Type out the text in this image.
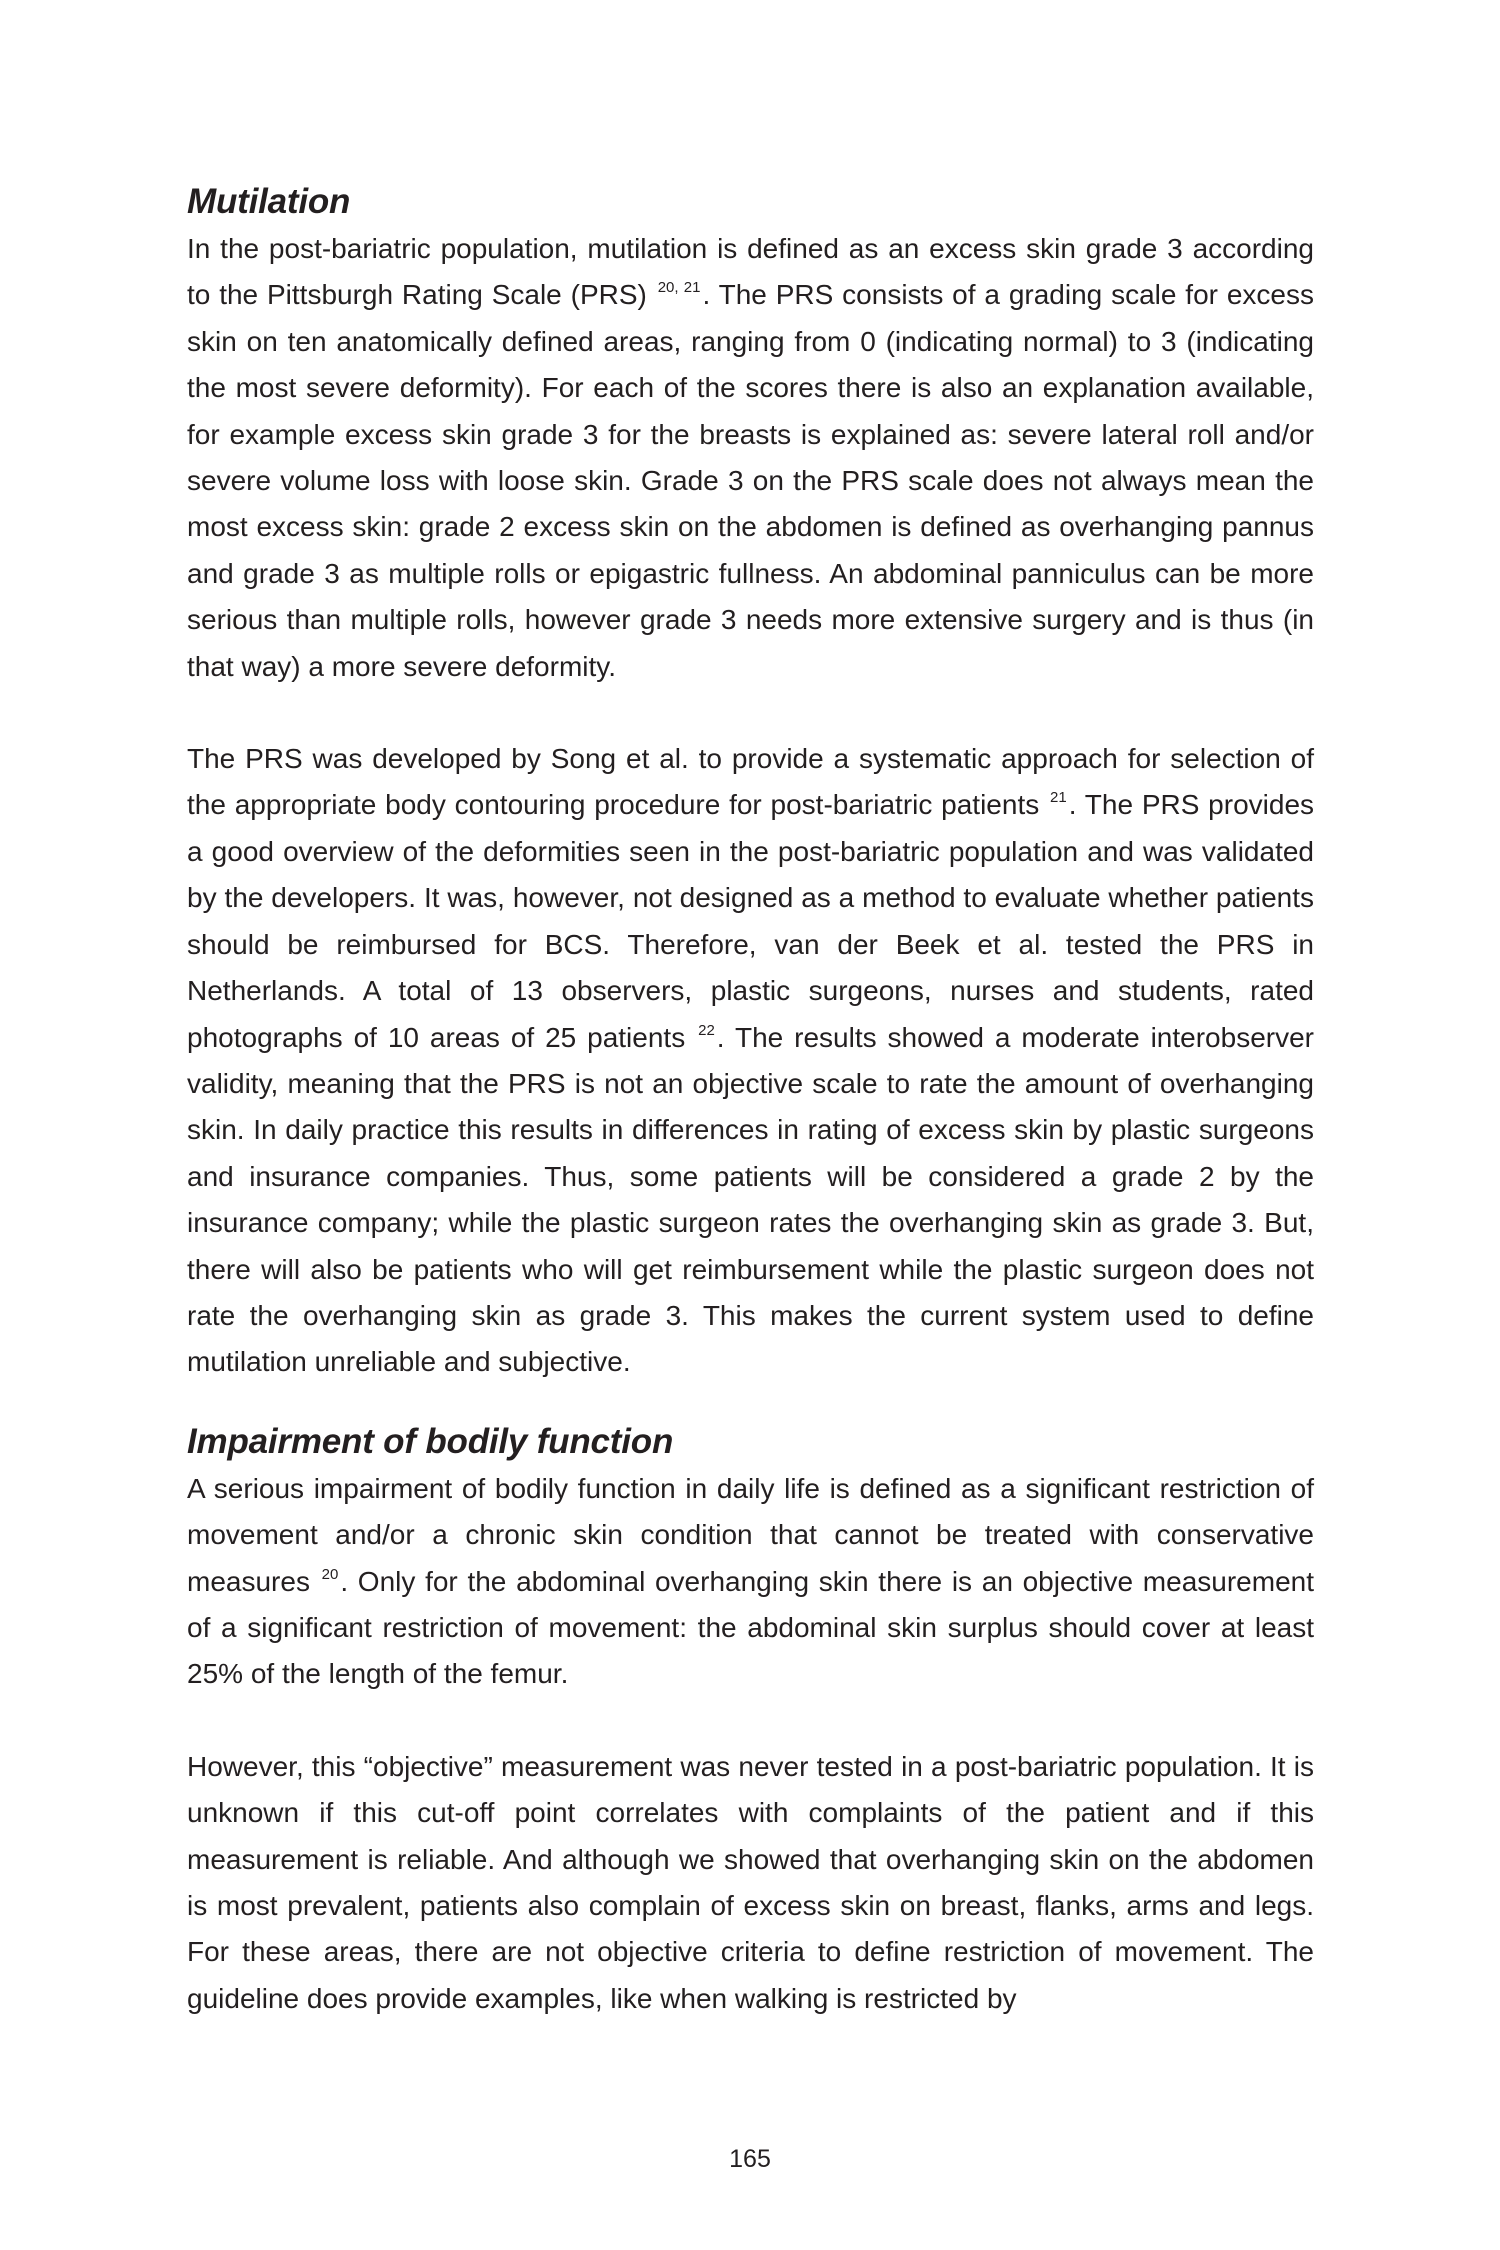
Mutilation

In the post-bariatric population, mutilation is defined as an excess skin grade 3 according to the Pittsburgh Rating Scale (PRS) $^{20, 21}$. The PRS consists of a grading scale for excess skin on ten anatomically defined areas, ranging from 0 (indicating normal) to 3 (indicating the most severe deformity). For each of the scores there is also an explanation available, for example excess skin grade 3 for the breasts is explained as: severe lateral roll and/or severe volume loss with loose skin. Grade 3 on the PRS scale does not always mean the most excess skin: grade 2 excess skin on the abdomen is defined as overhanging pannus and grade 3 as multiple rolls or epigastric fullness. An abdominal panniculus can be more serious than multiple rolls, however grade 3 needs more extensive surgery and is thus (in that way) a more severe deformity.

The PRS was developed by Song et al. to provide a systematic approach for selection of the appropriate body contouring procedure for post-bariatric patients $^{21}$. The PRS provides a good overview of the deformities seen in the post-bariatric population and was validated by the developers. It was, however, not designed as a method to evaluate whether patients should be reimbursed for BCS. Therefore, van der Beek et al. tested the PRS in Netherlands. A total of 13 observers, plastic surgeons, nurses and students, rated photographs of 10 areas of 25 patients $^{22}$. The results showed a moderate interobserver validity, meaning that the PRS is not an objective scale to rate the amount of overhanging skin. In daily practice this results in differences in rating of excess skin by plastic surgeons and insurance companies. Thus, some patients will be considered a grade 2 by the insurance company; while the plastic surgeon rates the overhanging skin as grade 3. But, there will also be patients who will get reimbursement while the plastic surgeon does not rate the overhanging skin as grade 3. This makes the current system used to define mutilation unreliable and subjective.

Impairment of bodily function

A serious impairment of bodily function in daily life is defined as a significant restriction of movement and/or a chronic skin condition that cannot be treated with conservative measures $^{20}$. Only for the abdominal overhanging skin there is an objective measurement of a significant restriction of movement: the abdominal skin surplus should cover at least 25% of the length of the femur.

However, this “objective” measurement was never tested in a post-bariatric population. It is unknown if this cut-off point correlates with complaints of the patient and if this measurement is reliable. And although we showed that overhanging skin on the abdomen is most prevalent, patients also complain of excess skin on breast, flanks, arms and legs. For these areas, there are not objective criteria to define restriction of movement. The guideline does provide examples, like when walking is restricted by

165
